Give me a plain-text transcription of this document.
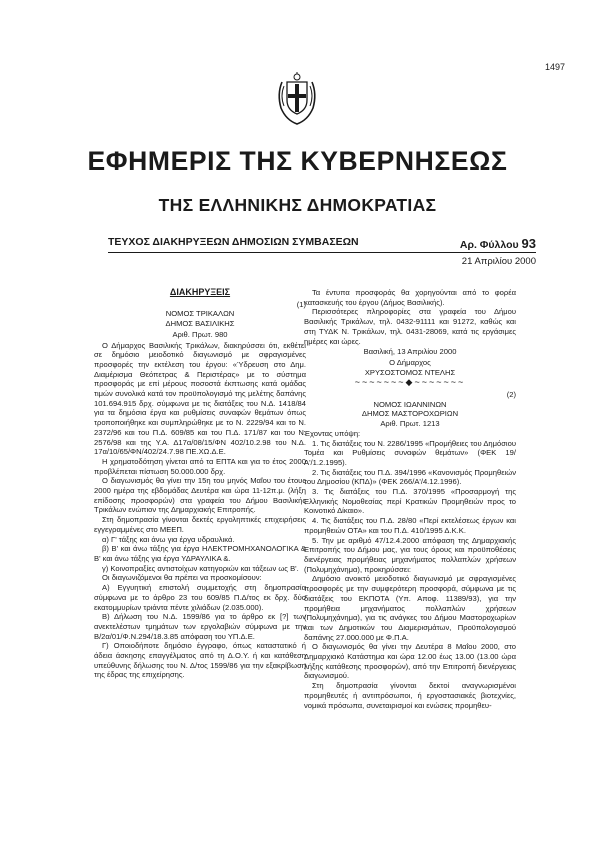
1497
ΕΦΗΜΕΡΙΣ ΤΗΣ ΚΥΒΕΡΝΗΣΕΩΣ
ΤΗΣ ΕΛΛΗΝΙΚΗΣ ΔΗΜΟΚΡΑΤΙΑΣ
ΤΕΥΧΟΣ ΔΙΑΚΗΡΥΞΕΩΝ ΔΗΜΟΣΙΩΝ ΣΥΜΒΑΣΕΩΝ	Αρ. Φύλλου 93
21 Απριλίου 2000

ΔΙΑΚΗΡΥΞΕΙΣ

(1)

ΝΟΜΟΣ ΤΡΙΚΑΛΩΝ

ΔΗΜΟΣ ΒΑΣΙΛΙΚΗΣ

Αριθ. Πρωτ. 980

Ο Δήμαρχος Βασιλικής Τρικάλων, διακηρύσσει ότι, εκθέτει σε δημόσιο μειοδοτικό διαγωνισμό με σφραγισμένες προσφορές την εκτέλεση του έργου: «Ύδρευση στο Δημ. Διαμέρισμα Θεόπετρας & Περιστέρας» με το σύστημα προσφοράς με επί μέρους ποσοστά έκπτωσης κατά ομάδας τιμών συνολικά κατά τον προϋπολογισμό της μελέτης δαπάνης 101.694.915 δρχ. σύμφωνα με τις διατάξεις του Ν.Δ. 1418/84 για τα δημόσια έργα και ρυθμίσεις συναφών θεμάτων όπως τροποποιήθηκε και συμπληρώθηκε με το Ν. 2229/94 και το Ν. 2372/96 και του Π.Δ. 609/85 και του Π.Δ. 171/87 και του Ν. 2576/98 και της Υ.Α. Δ17α/08/15/ΦΝ 402/10.2.98 του Ν.Δ. 17α/10/65/ΦΝ/402/24.7.98 ΠΕ.ΧΩ.Δ.Ε.

Η χρηματοδότηση γίνεται από τα ΕΠΤΑ και για το έτος 2000 προβλέπεται πίστωση 50.000.000 δρχ.

Ο διαγωνισμός θα γίνει την 15η του μηνός Μαΐου του έτους 2000 ημέρα της εβδομάδας Δευτέρα και ώρα 11-12π.μ. (λήξη επίδοσης προσφορών) στα γραφεία του Δήμου Βασιλικής Τρικάλων ενώπιον της Δημαρχιακής Επιτροπής.

Στη δημοπρασία γίνονται δεκτές εργοληπτικές επιχειρήσεις εγγεγραμμένες στο ΜΕΕΠ.

α) Γ' τάξης και άνω για έργα υδραυλικά.

β) Β' και άνω τάξης για έργα ΗΛΕΚΤΡΟΜΗΧΑΝΟΛΟΓΙΚΑ & Β' και άνω τάξης για έργα ΥΔΡΑΥΛΙΚΑ &.

γ) Κοινοπραξίες αντιστοίχων κατηγοριών και τάξεων ως Β'.

Οι διαγωνιζόμενοι θα πρέπει να προσκομίσουν:

Α) Εγγυητική επιστολή συμμετοχής στη δημοπρασία σύμφωνα με το άρθρο 23 του 609/85 Π.Δ/τος εκ δρχ. δύο εκατομμυρίων τριάντα πέντε χιλιάδων (2.035.000).

Β) Δήλωση του Ν.Δ. 1599/86 για το άρθρο εκ [?] των ανεκτελέστων τμημάτων των εργολαβιών σύμφωνα με την Β/2α/01/Φ.Ν.294/18.3.85 απόφαση του ΥΠ.Δ.Ε.

Γ) Οποιοδήποτε δημόσιο έγγραφο, όπως καταστατικό ή άδεια άσκησης επαγγέλματος από τη Δ.Ο.Υ. ή και κατάθεση υπεύθυνης δήλωσης του Ν. Δ/τος 1599/86 για την εξακρίβωση της έδρας της επιχείρησης.

Τα έντυπα προσφοράς θα χορηγούνται από το φορέα κατασκευής του έργου (Δήμος Βασιλικής).

Περισσότερες πληροφορίες στα γραφεία του Δήμου Βασιλικής Τρικάλων, τηλ. 0432-91111 και 91272, καθώς και στη ΤΥΔΚ Ν. Τρικάλων, τηλ. 0431-28069, κατά τις εργάσιμες ημέρες και ώρες.

Βασιλική, 13 Απριλίου 2000

Ο Δήμαρχος

ΧΡΥΣΟΣΤΟΜΟΣ ΝΤΕΛΗΣ

~~~~~~~◆~~~~~~~

(2)

ΝΟΜΟΣ ΙΩΑΝΝΙΝΩΝ

ΔΗΜΟΣ ΜΑΣΤΟΡΟΧΩΡΙΩΝ

Αριθ. Πρωτ. 1213

Έχοντας υπόψη:

1. Τις διατάξεις του Ν. 2286/1995 «Προμήθειες του Δημόσιου Τομέα και Ρυθμίσεις συναφών θεμάτων» (ΦΕΚ 19/Α'/1.2.1995).

2. Τις διατάξεις του Π.Δ. 394/1996 «Κανονισμός Προμηθειών του Δημοσίου (ΚΠΔ)» (ΦΕΚ 266/Α'/4.12.1996).

3. Τις διατάξεις του Π.Δ. 370/1995 «Προσαρμογή της Ελληνικής Νομοθεσίας περί Κρατικών Προμηθειών προς το Κοινοτικό Δίκαιο».

4. Τις διατάξεις του Π.Δ. 28/80 «Περί εκτελέσεως έργων και προμηθειών ΟΤΑ» και του Π.Δ. 410/1995 Δ.Κ.Κ.

5. Την με αριθμό 47/12.4.2000 απόφαση της Δημαρχιακής Επιτροπής του Δήμου μας, για τους όρους και προϋποθέσεις διενέργειας προμήθειας μηχανήματος πολλαπλών χρήσεων (Πολυμηχάνημα), προκηρύσσει:

Δημόσιο ανοικτό μειοδοτικό διαγωνισμό με σφραγισμένες προσφορές με την συμφερότερη προσφορά, σύμφωνα με τις διατάξεις του ΕΚΠΟΤΑ (Υπ. Αποφ. 11389/93), για την προμήθεια μηχανήματος πολλαπλών χρήσεων (Πολυμηχάνημα), για τις ανάγκες του Δήμου Μαστοροχωρίων και των Δημοτικών του Διαμερισμάτων, Προϋπολογισμού δαπάνης 27.000.000 με Φ.Π.Α.

Ο διαγωνισμός θα γίνει την Δευτέρα 8 Μαΐου 2000, στο Δημαρχιακό Κατάστημα και ώρα 12.00 έως 13.00 (13.00 ώρα λήξης κατάθεσης προσφορών), από την Επιτροπή διενέργειας διαγωνισμού.

Στη δημοπρασία γίνονται δεκτοί αναγνωρισμένοι προμηθευτές ή αντιπρόσωποι, ή εργοστασιακές βιοτεχνίες, νομικά πρόσωπα, συνεταιρισμοί και ενώσεις προμηθευ-
